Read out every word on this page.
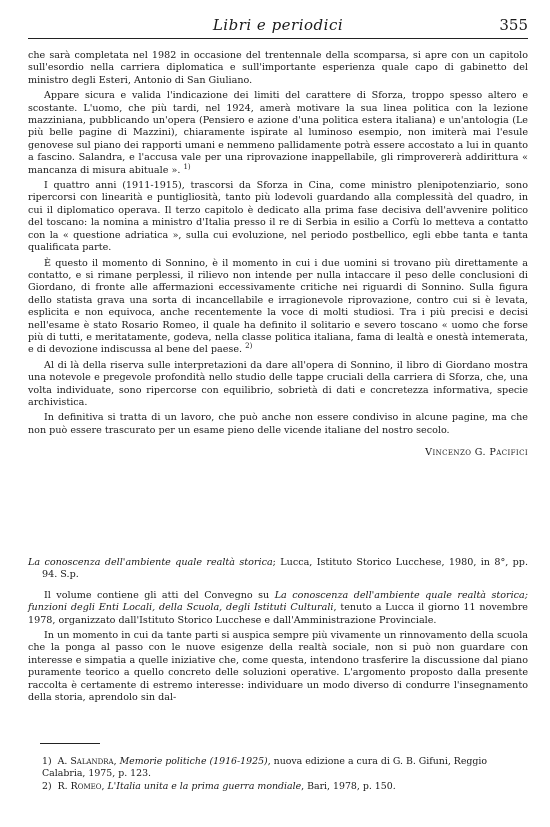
Libri e periodici	355

che sarà completata nel 1982 in occasione del trentennale della scomparsa, si apre con un capitolo sull'esordio nella carriera diplomatica e sull'importante esperienza quale capo di gabinetto del ministro degli Esteri, Antonio di San Giuliano.

Appare sicura e valida l'indicazione dei limiti del carattere di Sforza, troppo spesso altero e scostante. L'uomo, che più tardi, nel 1924, amerà motivare la sua linea politica con la lezione mazziniana, pubblicando un'opera (Pensiero e azione d'una politica estera italiana) e un'antologia (Le più belle pagine di Mazzini), chiaramente ispirate al luminoso esempio, non imiterà mai l'esule genovese sul piano dei rapporti umani e nemmeno pallidamente potrà essere accostato a lui in quanto a fascino. Salandra, e l'accusa vale per una riprovazione inappellabile, gli rimprovererà addirittura « mancanza di misura abituale ». $^{1)}$

I quattro anni (1911-1915), trascorsi da Sforza in Cina, come ministro plenipotenziario, sono ripercorsi con linearità e puntigliosità, tanto più lodevoli guardando alla complessità del quadro, in cui il diplomatico operava. Il terzo capitolo è dedicato alla prima fase decisiva dell'avvenire politico del toscano: la nomina a ministro d'Italia presso il re di Serbia in esilio a Corfù lo metteva a contatto con la « questione adriatica », sulla cui evoluzione, nel periodo postbellico, egli ebbe tanta e tanta qualificata parte.

È questo il momento di Sonnino, è il momento in cui i due uomini si trovano più direttamente a contatto, e si rimane perplessi, il rilievo non intende per nulla intaccare il peso delle conclusioni di Giordano, di fronte alle affermazioni eccessivamente critiche nei riguardi di Sonnino. Sulla figura dello statista grava una sorta di incancellabile e irragionevole riprovazione, contro cui si è levata, esplicita e non equivoca, anche recentemente la voce di molti studiosi. Tra i più precisi e decisi nell'esame è stato Rosario Romeo, il quale ha definito il solitario e severo toscano « uomo che forse più di tutti, e meritatamente, godeva, nella classe politica italiana, fama di lealtà e onestà intemerata, e di devozione indiscussa al bene del paese. $^{2)}$

Al di là della riserva sulle interpretazioni da dare all'opera di Sonnino, il libro di Giordano mostra una notevole e pregevole profondità nello studio delle tappe cruciali della carriera di Sforza, che, una volta individuate, sono ripercorse con equilibrio, sobrietà di dati e concretezza informativa, specie archivistica.

In definitiva si tratta di un lavoro, che può anche non essere condiviso in alcune pagine, ma che non può essere trascurato per un esame pieno delle vicende italiane del nostro secolo.

Vincenzo G. Pacifici
La conoscenza dell'ambiente quale realtà storica; Lucca, Istituto Storico Lucchese, 1980, in 8°, pp. 94. S.p.

Il volume contiene gli atti del Convegno su La conoscenza dell'ambiente quale realtà storica; funzioni degli Enti Locali, della Scuola, degli Istituti Culturali, tenuto a Lucca il giorno 11 novembre 1978, organizzato dall'Istituto Storico Lucchese e dall'Amministrazione Provinciale.

In un momento in cui da tante parti si auspica sempre più vivamente un rinnovamento della scuola che la ponga al passo con le nuove esigenze della realtà sociale, non si può non guardare con interesse e simpatia a quelle iniziative che, come questa, intendono trasferire la discussione dal piano puramente teorico a quello concreto delle soluzioni operative. L'argomento proposto dalla presente raccolta è certamente di estremo interesse: individuare un modo diverso di condurre l'insegnamento della storia, aprendolo sin dal-

1) A. Salandra, Memorie politiche (1916-1925), nuova edizione a cura di G. B. Gifuni, Reggio Calabria, 1975, p. 123.

2) R. Romeo, L'Italia unita e la prima guerra mondiale, Bari, 1978, p. 150.
